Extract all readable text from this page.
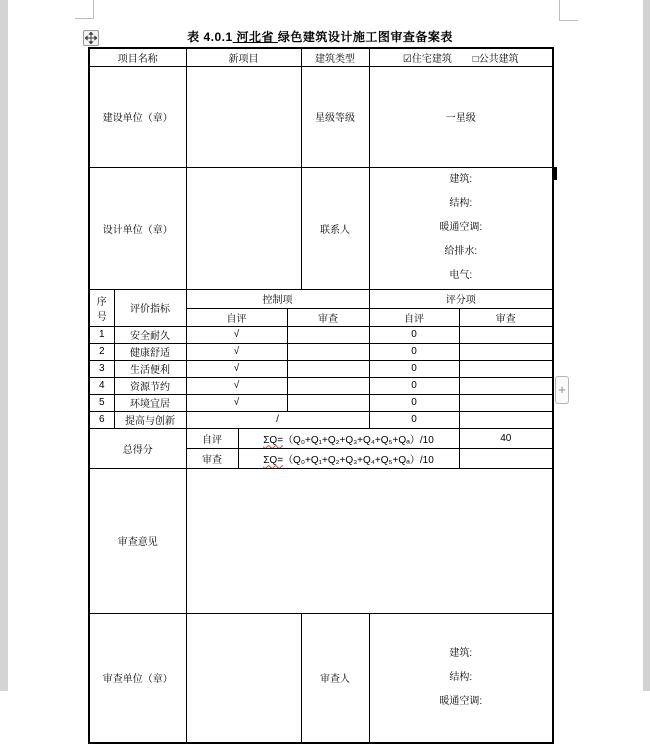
表 4.0.1 河北省 绿色建筑设计施工图审查备案表
项目名称		新项目			建筑类型	☑住宅建筑 □公共建筑	
建设单位（章）					星级等级	一星级	
设计单位（章）					联系人	建筑:
结构:
暖通空调:
给排水:
电气:	

序
号	评价指标	控制项				评分项	
		自评		审查		自评	审查
1	安全耐久	√				0	
2	健康舒适	√				0	
3	生活便利	√				0	
4	资源节约	√				0	
5	环境宜居	√				0	
6	提高与创新	/				0	
总得分		自评	ΣQ=（Q₀+Q₁+Q₂+Q₃+Q₄+Q₅+Qₐ）/10				40
		审查	ΣQ=（Q₀+Q₁+Q₂+Q₃+Q₄+Q₅+Qₐ）/10				
审查意见							
审查单位（章）					审查人	建筑:
结构:
暖通空调:	
+
